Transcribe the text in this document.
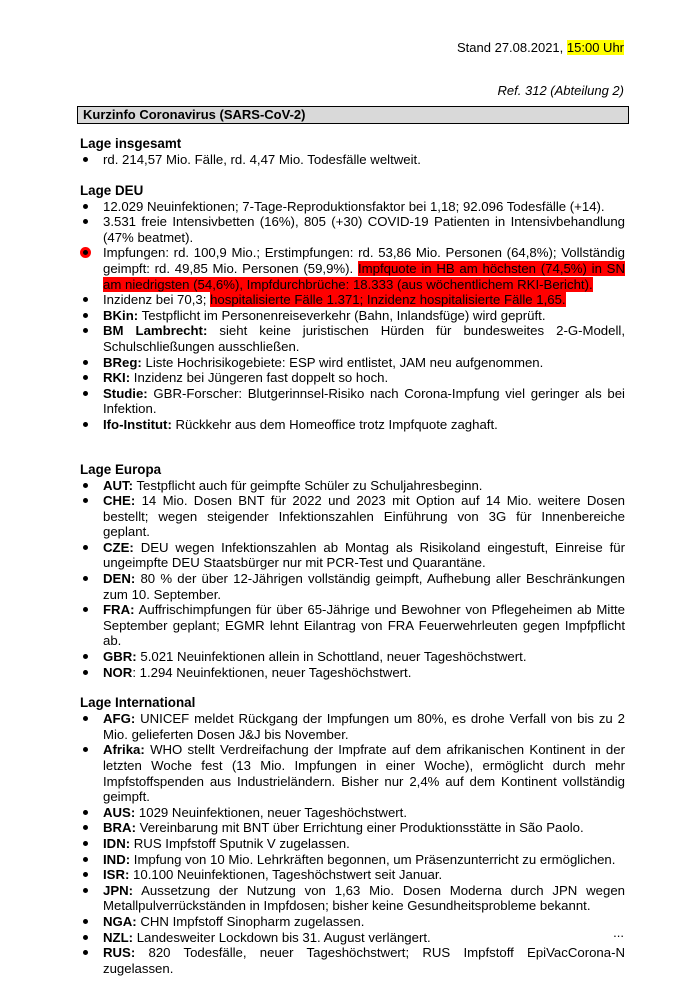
Stand 27.08.2021, 15:00 Uhr
Ref. 312 (Abteilung 2)
Kurzinfo Coronavirus (SARS-CoV-2)
Lage insgesamt
rd. 214,57 Mio. Fälle, rd. 4,47 Mio. Todesfälle weltweit.
Lage DEU
12.029 Neuinfektionen; 7-Tage-Reproduktionsfaktor bei 1,18; 92.096 Todesfälle (+14).
3.531 freie Intensivbetten (16%), 805 (+30) COVID-19 Patienten in Intensivbehandlung (47% beatmet).
Impfungen: rd. 100,9 Mio.; Erstimpfungen: rd. 53,86 Mio. Personen (64,8%); Vollständig geimpft: rd. 49,85 Mio. Personen (59,9%). Impfquote in HB am höchsten (74,5%) in SN am niedrigsten (54,6%), Impfdurchbrüche: 18.333 (aus wöchentlichem RKI-Bericht).
Inzidenz bei 70,3; hospitalisierte Fälle 1.371; Inzidenz hospitalisierte Fälle 1,65.
BKin: Testpflicht im Personenreiseverkehr (Bahn, Inlandsfüge) wird geprüft.
BM Lambrecht: sieht keine juristischen Hürden für bundesweites 2-G-Modell, Schulschließungen ausschließen.
BReg: Liste Hochrisikogebiete: ESP wird entlistet, JAM neu aufgenommen.
RKI: Inzidenz bei Jüngeren fast doppelt so hoch.
Studie: GBR-Forscher: Blutgerinnsel-Risiko nach Corona-Impfung viel geringer als bei Infektion.
Ifo-Institut: Rückkehr aus dem Homeoffice trotz Impfquote zaghaft.
Lage Europa
AUT: Testpflicht auch für geimpfte Schüler zu Schuljahresbeginn.
CHE: 14 Mio. Dosen BNT für 2022 und 2023 mit Option auf 14 Mio. weitere Dosen bestellt; wegen steigender Infektionszahlen Einführung von 3G für Innenbereiche geplant.
CZE: DEU wegen Infektionszahlen ab Montag als Risikoland eingestuft, Einreise für ungeimpfte DEU Staatsbürger nur mit PCR-Test und Quarantäne.
DEN: 80 % der über 12-Jährigen vollständig geimpft, Aufhebung aller Beschränkungen zum 10. September.
FRA: Auffrischimpfungen für über 65-Jährige und Bewohner von Pflegeheimen ab Mitte September geplant; EGMR lehnt Eilantrag von FRA Feuerwehrleuten gegen Impfpflicht ab.
GBR: 5.021 Neuinfektionen allein in Schottland, neuer Tageshöchstwert.
NOR: 1.294 Neuinfektionen, neuer Tageshöchstwert.
Lage International
AFG: UNICEF meldet Rückgang der Impfungen um 80%, es drohe Verfall von bis zu 2 Mio. gelieferten Dosen J&J bis November.
Afrika: WHO stellt Verdreifachung der Impfrate auf dem afrikanischen Kontinent in der letzten Woche fest (13 Mio. Impfungen in einer Woche), ermöglicht durch mehr Impfstoffspenden aus Industrieländern. Bisher nur 2,4% auf dem Kontinent vollständig geimpft.
AUS: 1029 Neuinfektionen, neuer Tageshöchstwert.
BRA: Vereinbarung mit BNT über Errichtung einer Produktionsstätte in São Paolo.
IDN: RUS Impfstoff Sputnik V zugelassen.
IND: Impfung von 10 Mio. Lehrkräften begonnen, um Präsenzunterricht zu ermöglichen.
ISR: 10.100 Neuinfektionen, Tageshöchstwert seit Januar.
JPN: Aussetzung der Nutzung von 1,63 Mio. Dosen Moderna durch JPN wegen Metallpulverrückständen in Impfdosen; bisher keine Gesundheitsprobleme bekannt.
NGA: CHN Impfstoff Sinopharm zugelassen.
NZL: Landesweiter Lockdown bis 31. August verlängert.
RUS: 820 Todesfälle, neuer Tageshöchstwert; RUS Impfstoff EpiVacCorona-N zugelassen.
...
